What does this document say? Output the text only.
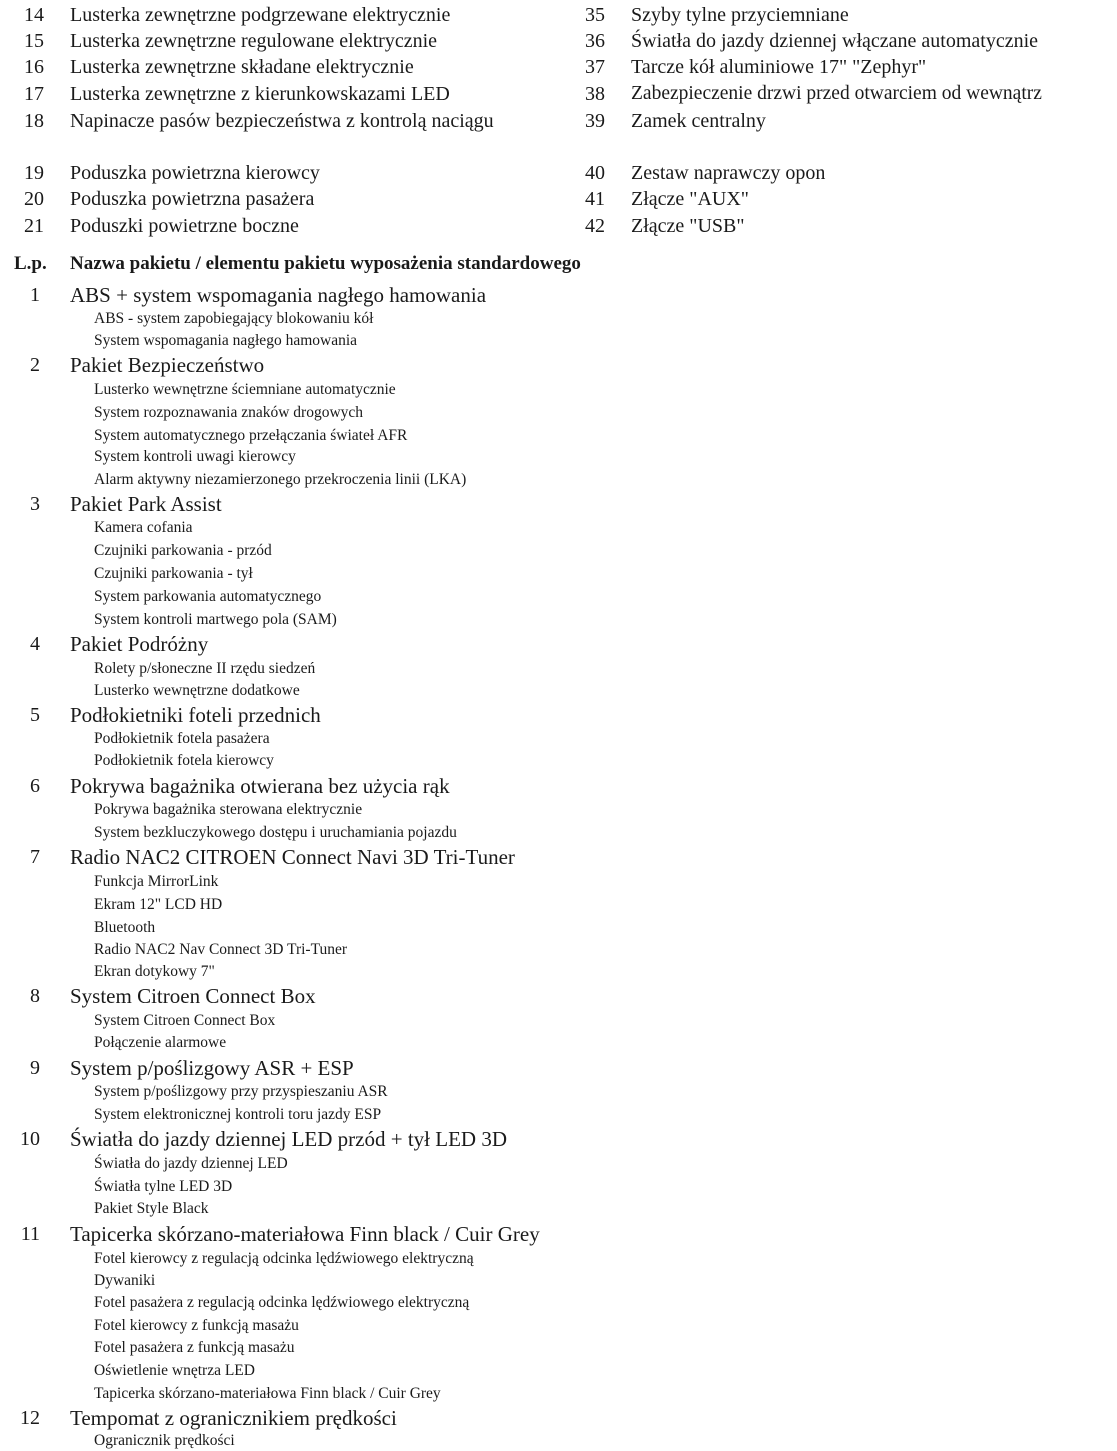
14 Lusterka zewnętrzne podgrzewane elektrycznie
15 Lusterka zewnętrzne regulowane elektrycznie
16 Lusterka zewnętrzne składane elektrycznie
17 Lusterka zewnętrzne z kierunkowskazami LED
18 Napinacze pasów bezpieczeństwa z kontrolą naciągu
19 Poduszka powietrzna kierowcy
20 Poduszka powietrzna pasażera
21 Poduszki powietrzne boczne
35 Szyby tylne przyciemniane
36 Światła do jazdy dziennej włączane automatycznie
37 Tarcze kół aluminiowe 17" "Zephyr"
38 Zabezpieczenie drzwi przed otwarciem od wewnątrz
39 Zamek centralny
40 Zestaw naprawczy opon
41 Złącze "AUX"
42 Złącze "USB"
L.p. Nazwa pakietu / elementu pakietu wyposażenia standardowego
1 ABS + system wspomagania nagłego hamowania
ABS - system zapobiegający blokowaniu kół
System wspomagania nagłego hamowania
2 Pakiet Bezpieczeństwo
Lusterko wewnętrzne ściemniane automatycznie
System rozpoznawania znaków drogowych
System automatycznego przełączania świateł AFR
System kontroli uwagi kierowcy
Alarm aktywny niezamierzonego przekroczenia linii (LKA)
3 Pakiet Park Assist
Kamera cofania
Czujniki parkowania - przód
Czujniki parkowania - tył
System parkowania automatycznego
System kontroli martwego pola (SAM)
4 Pakiet Podróżny
Rolety p/słoneczne II rzędu siedzeń
Lusterko wewnętrzne dodatkowe
5 Podłokietniki foteli przednich
Podłokietnik fotela pasażera
Podłokietnik fotela kierowcy
6 Pokrywa bagażnika otwierana bez użycia rąk
Pokrywa bagażnika sterowana elektrycznie
System bezkluczykowego dostępu i uruchamiania pojazdu
7 Radio NAC2 CITROEN Connect Navi 3D Tri-Tuner
Funkcja MirrorLink
Ekram 12" LCD HD
Bluetooth
Radio NAC2 Nav Connect 3D Tri-Tuner
Ekran dotykowy 7"
8 System Citroen Connect Box
System Citroen Connect Box
Połączenie alarmowe
9 System p/poślizgowy ASR + ESP
System p/poślizgowy przy przyspieszaniu ASR
System elektronicznej kontroli toru jazdy ESP
10 Światła do jazdy dziennej LED przód + tył LED 3D
Światła do jazdy dziennej LED
Światła tylne LED 3D
Pakiet Style Black
11 Tapicerka skórzano-materiałowa Finn black / Cuir Grey
Fotel kierowcy z regulacją odcinka lędźwiowego elektryczną
Dywaniki
Fotel pasażera z regulacją odcinka lędźwiowego elektryczną
Fotel kierowcy z funkcją masażu
Fotel pasażera z funkcją masażu
Oświetlenie wnętrza LED
Tapicerka skórzano-materiałowa Finn black / Cuir Grey
12 Tempomat z ogranicznikiem prędkości
Ogranicznik prędkości
